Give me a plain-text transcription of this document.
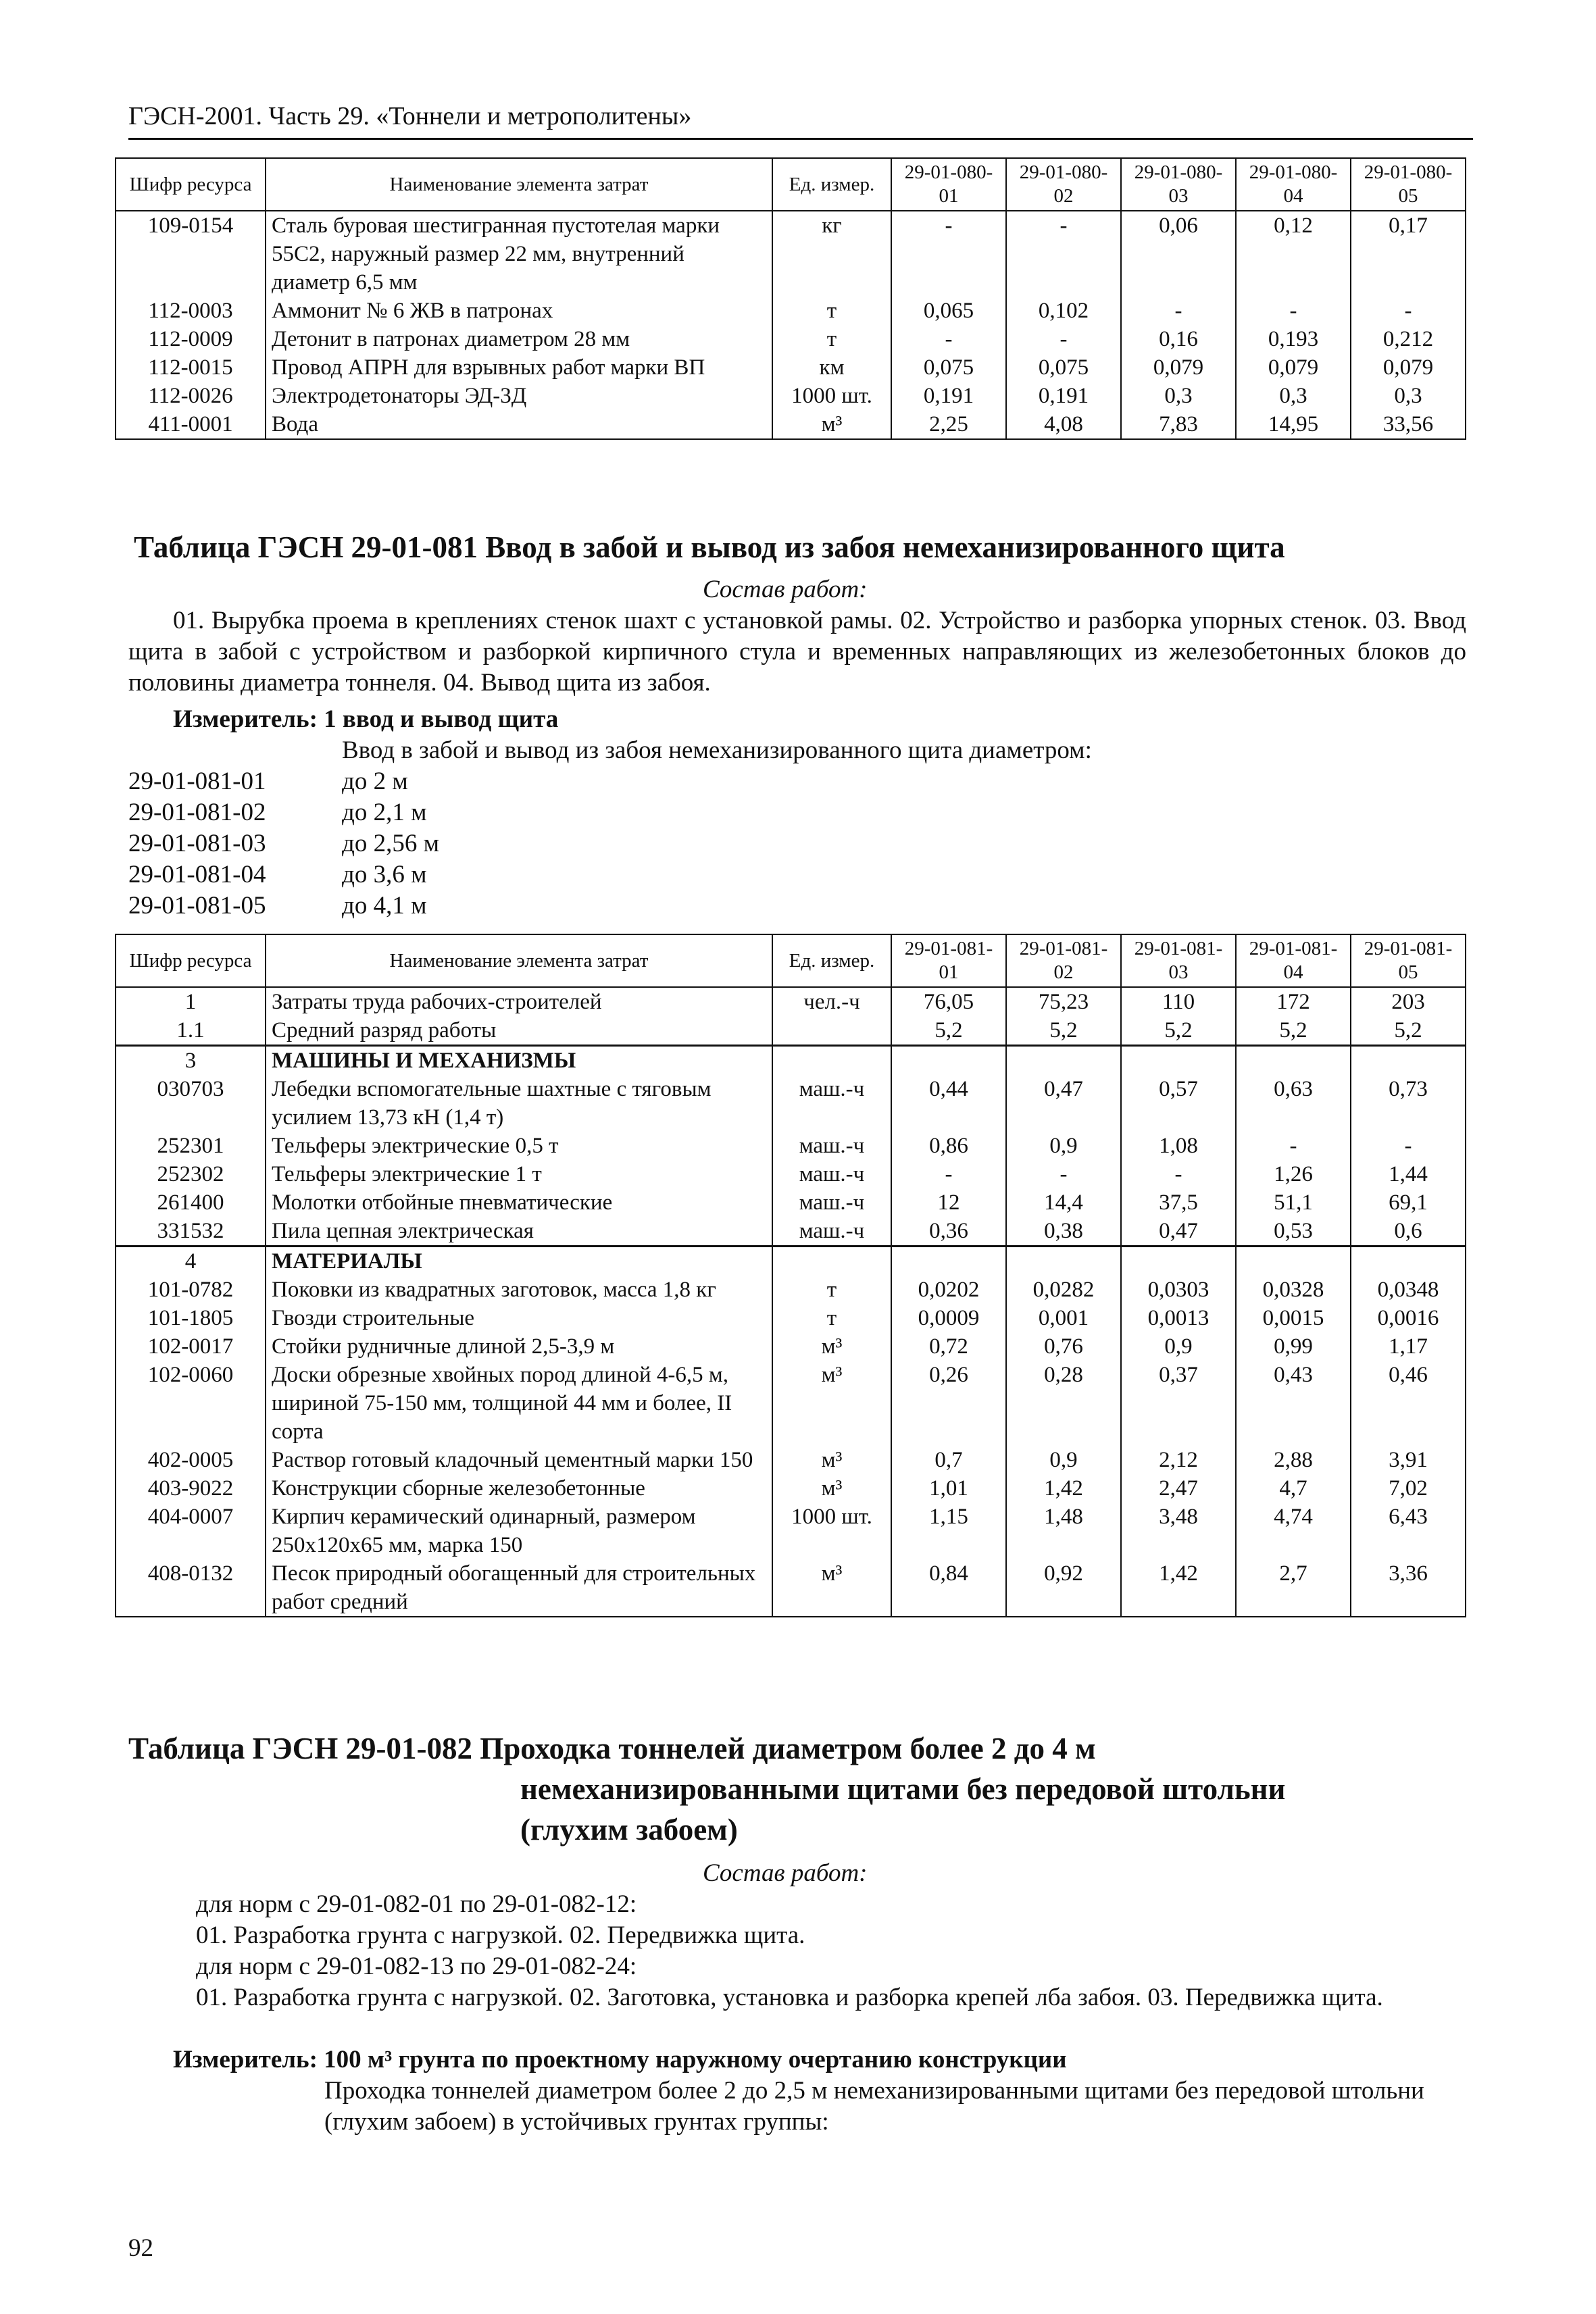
ГЭСН-2001. Часть 29. «Тоннели и метрополитены»
Шифр ресурса	Наименование элемента затрат	Ед. измер.	29-01-080-01	29-01-080-02	29-01-080-03	29-01-080-04	29-01-080-05
109-0154	Сталь буровая шестигранная пустотелая марки 55С2, наружный размер 22 мм, внутренний диаметр 6,5 мм	кг	-	-	0,06	0,12	0,17
112-0003	Аммонит № 6 ЖВ в патронах	т	0,065	0,102	-	-	-
112-0009	Детонит в патронах диаметром 28 мм	т	-	-	0,16	0,193	0,212
112-0015	Провод АПРН для взрывных работ марки ВП	км	0,075	0,075	0,079	0,079	0,079
112-0026	Электродетонаторы ЭД-3Д	1000 шт.	0,191	0,191	0,3	0,3	0,3
411-0001	Вода	м³	2,25	4,08	7,83	14,95	33,56
Таблица ГЭСН 29-01-081 Ввод в забой и вывод из забоя немеханизированного щита
Состав работ:
01. Вырубка проема в креплениях стенок шахт с установкой рамы. 02. Устройство и разборка упорных стенок. 03. Ввод щита в забой с устройством и разборкой кирпичного стула и временных направляющих из железобетонных блоков до половины диаметра тоннеля. 04. Вывод щита из забоя.
Измеритель: 1 ввод и вывод щита
Ввод в забой и вывод из забоя немеханизированного щита диаметром:
29-01-081-01	до 2 м
29-01-081-02	до 2,1 м
29-01-081-03	до 2,56 м
29-01-081-04	до 3,6 м
29-01-081-05	до 4,1 м
Шифр ресурса	Наименование элемента затрат	Ед. измер.	29-01-081-01	29-01-081-02	29-01-081-03	29-01-081-04	29-01-081-05
1	Затраты труда рабочих-строителей	чел.-ч	76,05	75,23	110	172	203
1.1	Средний разряд работы		5,2	5,2	5,2	5,2	5,2
3	МАШИНЫ И МЕХАНИЗМЫ						
030703	Лебедки вспомогательные шахтные с тяговым усилием 13,73 кН (1,4 т)	маш.-ч	0,44	0,47	0,57	0,63	0,73
252301	Тельферы электрические 0,5 т	маш.-ч	0,86	0,9	1,08	-	-
252302	Тельферы электрические 1 т	маш.-ч	-	-	-	1,26	1,44
261400	Молотки отбойные пневматические	маш.-ч	12	14,4	37,5	51,1	69,1
331532	Пила цепная электрическая	маш.-ч	0,36	0,38	0,47	0,53	0,6
4	МАТЕРИАЛЫ						
101-0782	Поковки из квадратных заготовок, масса 1,8 кг	т	0,0202	0,0282	0,0303	0,0328	0,0348
101-1805	Гвозди строительные	т	0,0009	0,001	0,0013	0,0015	0,0016
102-0017	Стойки рудничные длиной 2,5-3,9 м	м³	0,72	0,76	0,9	0,99	1,17
102-0060	Доски обрезные хвойных пород длиной 4-6,5 м, шириной 75-150 мм, толщиной 44 мм и более, II сорта	м³	0,26	0,28	0,37	0,43	0,46
402-0005	Раствор готовый кладочный цементный марки 150	м³	0,7	0,9	2,12	2,88	3,91
403-9022	Конструкции сборные железобетонные	м³	1,01	1,42	2,47	4,7	7,02
404-0007	Кирпич керамический одинарный, размером 250x120x65 мм, марка 150	1000 шт.	1,15	1,48	3,48	4,74	6,43
408-0132	Песок природный обогащенный для строительных работ средний	м³	0,84	0,92	1,42	2,7	3,36
Таблица ГЭСН 29-01-082 Проходка тоннелей диаметром более 2 до 4 м
немеханизированными щитами без передовой штольни
(глухим забоем)
Состав работ:
для норм с 29-01-082-01 по 29-01-082-12:
01. Разработка грунта с нагрузкой. 02. Передвижка щита.
для норм с 29-01-082-13 по 29-01-082-24:
01. Разработка грунта с нагрузкой. 02. Заготовка, установка и разборка крепей лба забоя. 03. Передвижка щита.
Измеритель: 100 м³ грунта по проектному наружному очертанию конструкции
Проходка тоннелей диаметром более 2 до 2,5 м немеханизированными щитами без передовой штольни (глухим забоем) в устойчивых грунтах группы:
92
